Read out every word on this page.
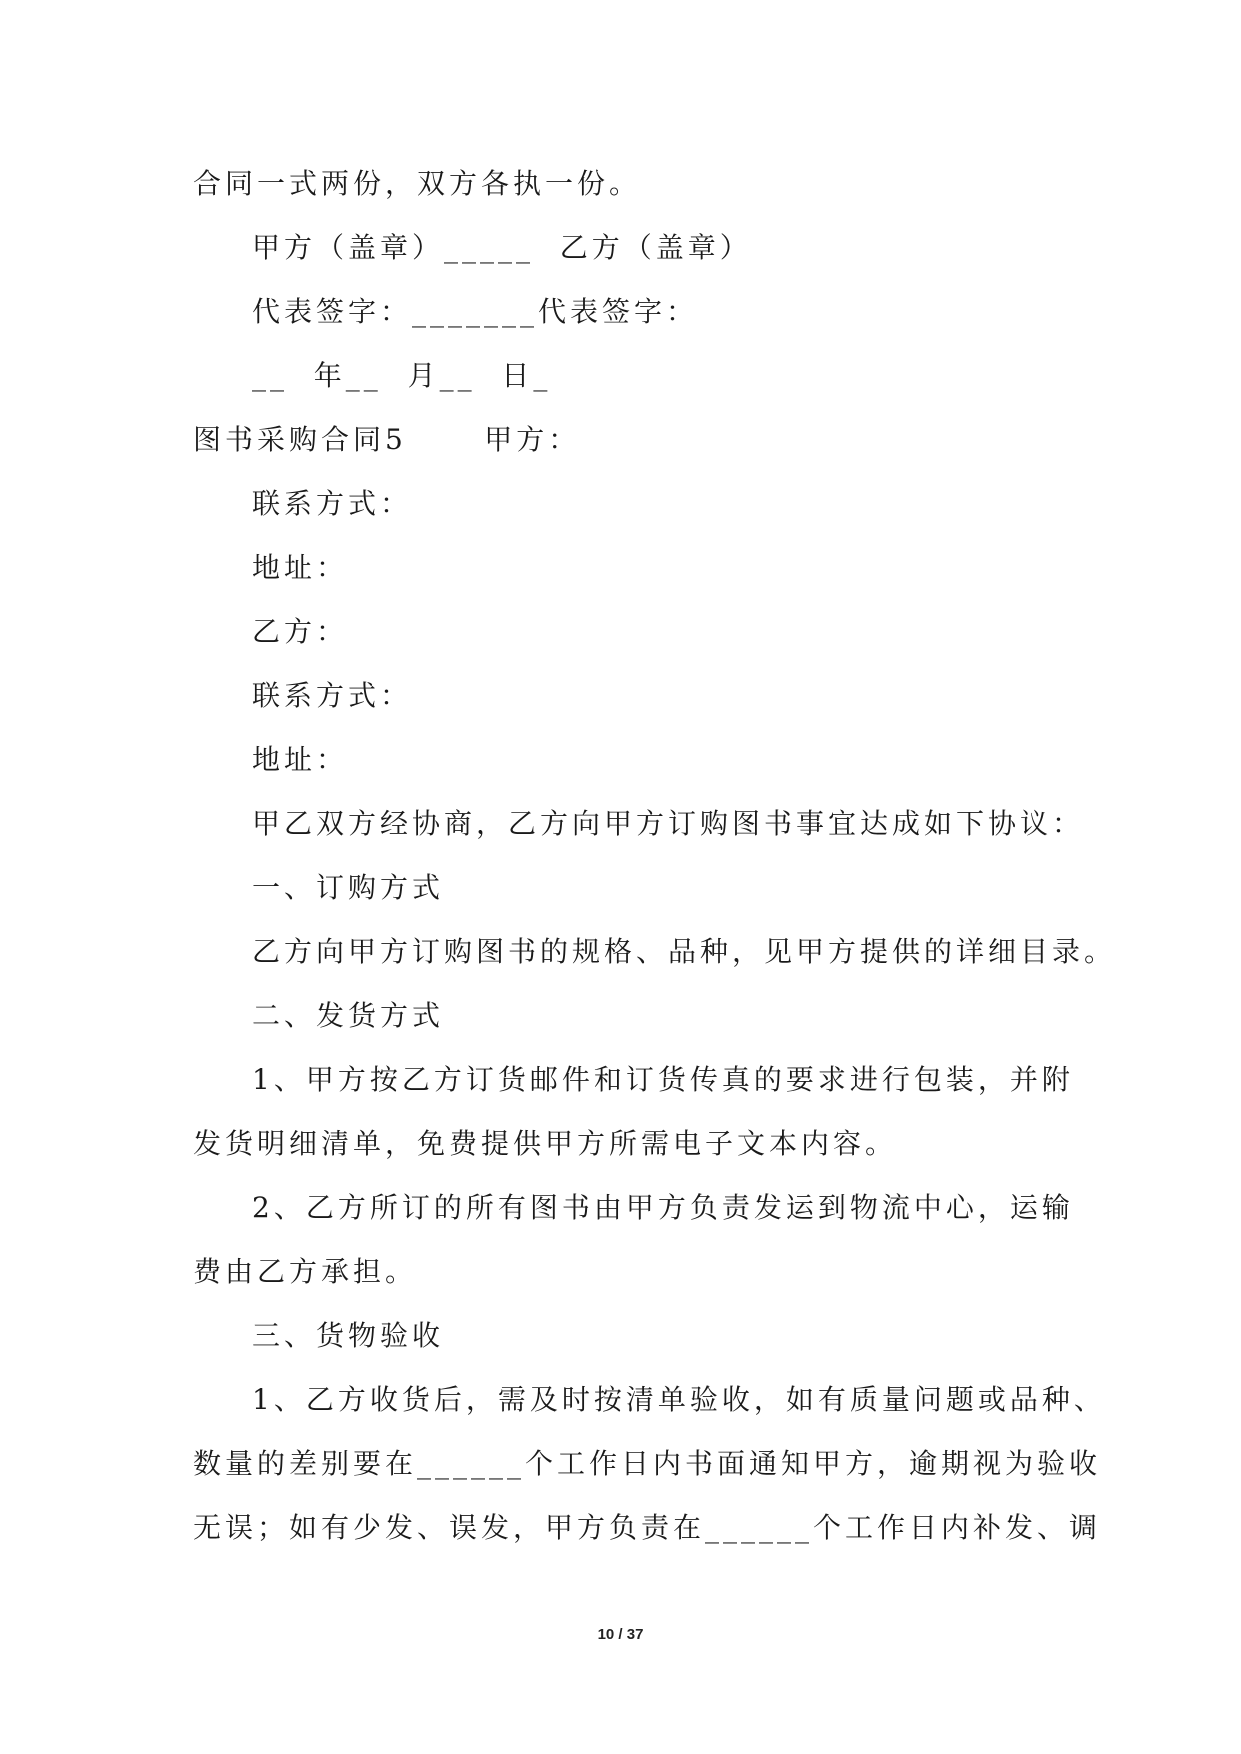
合同一式两份，双方各执一份。
甲方（盖章）_____  乙方（盖章）
代表签字：_______代表签字：
__  年__  月__  日_
图书采购合同5      甲方：
联系方式：
地址：
乙方：
联系方式：
地址：
甲乙双方经协商，乙方向甲方订购图书事宜达成如下协议：
一、订购方式
乙方向甲方订购图书的规格、品种，见甲方提供的详细目录。
二、发货方式
1、甲方按乙方订货邮件和订货传真的要求进行包装，并附
发货明细清单，免费提供甲方所需电子文本内容。
2、乙方所订的所有图书由甲方负责发运到物流中心，运输
费由乙方承担。
三、货物验收
1、乙方收货后，需及时按清单验收，如有质量问题或品种、
数量的差别要在______个工作日内书面通知甲方，逾期视为验收
无误；如有少发、误发，甲方负责在______个工作日内补发、调
10 / 37
